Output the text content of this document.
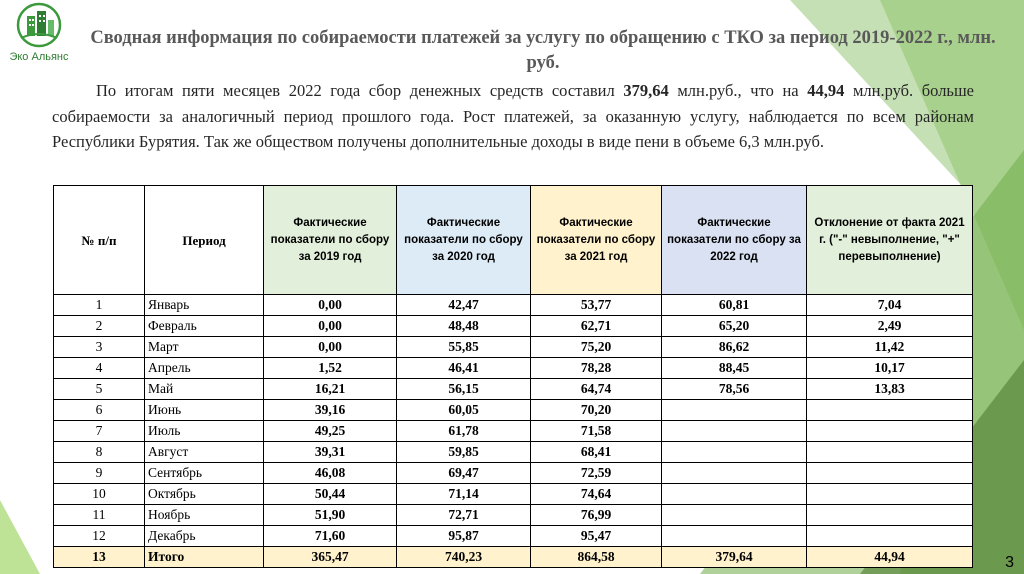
Эко Альянс
Сводная информация по собираемости платежей за услугу по обращению с ТКО за период 2019-2022 г., млн. руб.
По итогам пяти месяцев 2022 года сбор денежных средств составил 379,64 млн.руб., что на 44,94 млн.руб. больше собираемости за аналогичный период прошлого года. Рост платежей, за оказанную услугу, наблюдается по всем районам Республики Бурятия. Так же обществом получены дополнительные доходы в виде пени в объеме 6,3 млн.руб.
№ п/п	Период	Фактические показатели по сбору за 2019 год	Фактические показатели по сбору за 2020 год	Фактические показатели по сбору за 2021 год	Фактические показатели по сбору за 2022 год	Отклонение от факта 2021 г. ("-" невыполнение, "+" перевыполнение)
1	Январь	0,00	42,47	53,77	60,81	7,04
2	Февраль	0,00	48,48	62,71	65,20	2,49
3	Март	0,00	55,85	75,20	86,62	11,42
4	Апрель	1,52	46,41	78,28	88,45	10,17
5	Май	16,21	56,15	64,74	78,56	13,83
6	Июнь	39,16	60,05	70,20		
7	Июль	49,25	61,78	71,58		
8	Август	39,31	59,85	68,41		
9	Сентябрь	46,08	69,47	72,59		
10	Октябрь	50,44	71,14	74,64		
11	Ноябрь	51,90	72,71	76,99		
12	Декабрь	71,60	95,87	95,47		
13	Итого	365,47	740,23	864,58	379,64	44,94	3
